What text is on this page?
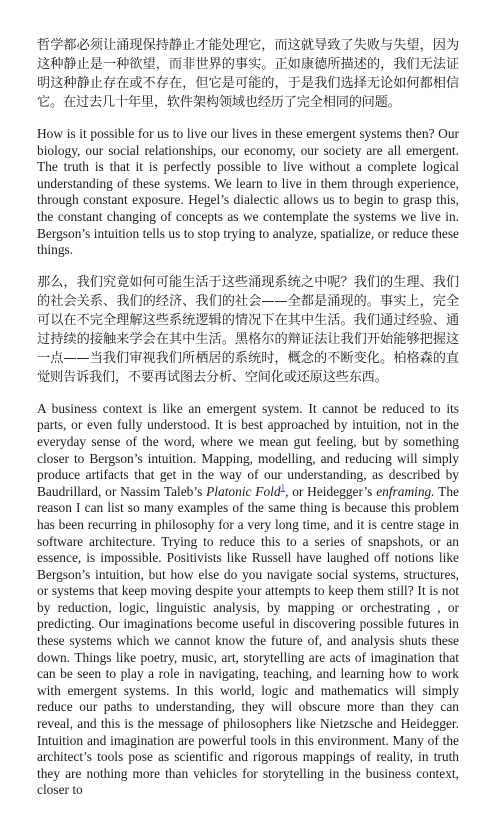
哲学都必须让涌现保持静止才能处理它，而这就导致了失败与失望，因为这种静止是一种欲望，而非世界的事实。正如康德所描述的，我们无法证明这种静止存在或不存在，但它是可能的，于是我们选择无论如何都相信它。在过去几十年里，软件架构领域也经历了完全相同的问题。

How is it possible for us to live our lives in these emergent systems then? Our biology, our social relationships, our economy, our society are all emergent. The truth is that it is perfectly possible to live without a complete logical understanding of these systems. We learn to live in them through experience, through constant exposure. Hegel’s dialectic allows us to begin to grasp this, the constant changing of concepts as we contemplate the systems we live in. Bergson’s intuition tells us to stop trying to analyze, spatialize, or reduce these things.

那么，我们究竟如何可能生活于这些涌现系统之中呢？我们的生理、我们的社会关系、我们的经济、我们的社会——全都是涌现的。事实上，完全可以在不完全理解这些系统逻辑的情况下在其中生活。我们通过经验、通过持续的接触来学会在其中生活。黑格尔的辩证法让我们开始能够把握这一点——当我们审视我们所栖居的系统时，概念的不断变化。柏格森的直觉则告诉我们，不要再试图去分析、空间化或还原这些东西。

A business context is like an emergent system. It cannot be reduced to its parts, or even fully understood. It is best approached by intuition, not in the everyday sense of the word, where we mean gut feeling, but by something closer to Bergson’s intuition. Mapping, modelling, and reducing will simply produce artifacts that get in the way of our understanding, as described by Baudrillard, or Nassim Taleb’s Platonic Fold$^1$, or Heidegger’s enframing. The reason I can list so many examples of the same thing is because this problem has been recurring in philosophy for a very long time, and it is centre stage in software architecture. Trying to reduce this to a series of snapshots, or an essence, is impossible. Positivists like Russell have laughed off notions like Bergson’s intuition, but how else do you navigate social systems, structures, or systems that keep moving despite your attempts to keep them still? It is not by reduction, logic, linguistic analysis, by mapping or orchestrating , or predicting. Our imaginations become useful in discovering possible futures in these systems which we cannot know the future of, and analysis shuts these down. Things like poetry, music, art, storytelling are acts of imagination that can be seen to play a role in navigating, teaching, and learning how to work with emergent systems. In this world, logic and mathematics will simply reduce our paths to understanding, they will obscure more than they can reveal, and this is the message of philosophers like Nietzsche and Heidegger. Intuition and imagination are powerful tools in this environment. Many of the architect’s tools pose as scientific and rigorous mappings of reality, in truth they are nothing more than vehicles for storytelling in the business context, closer to
